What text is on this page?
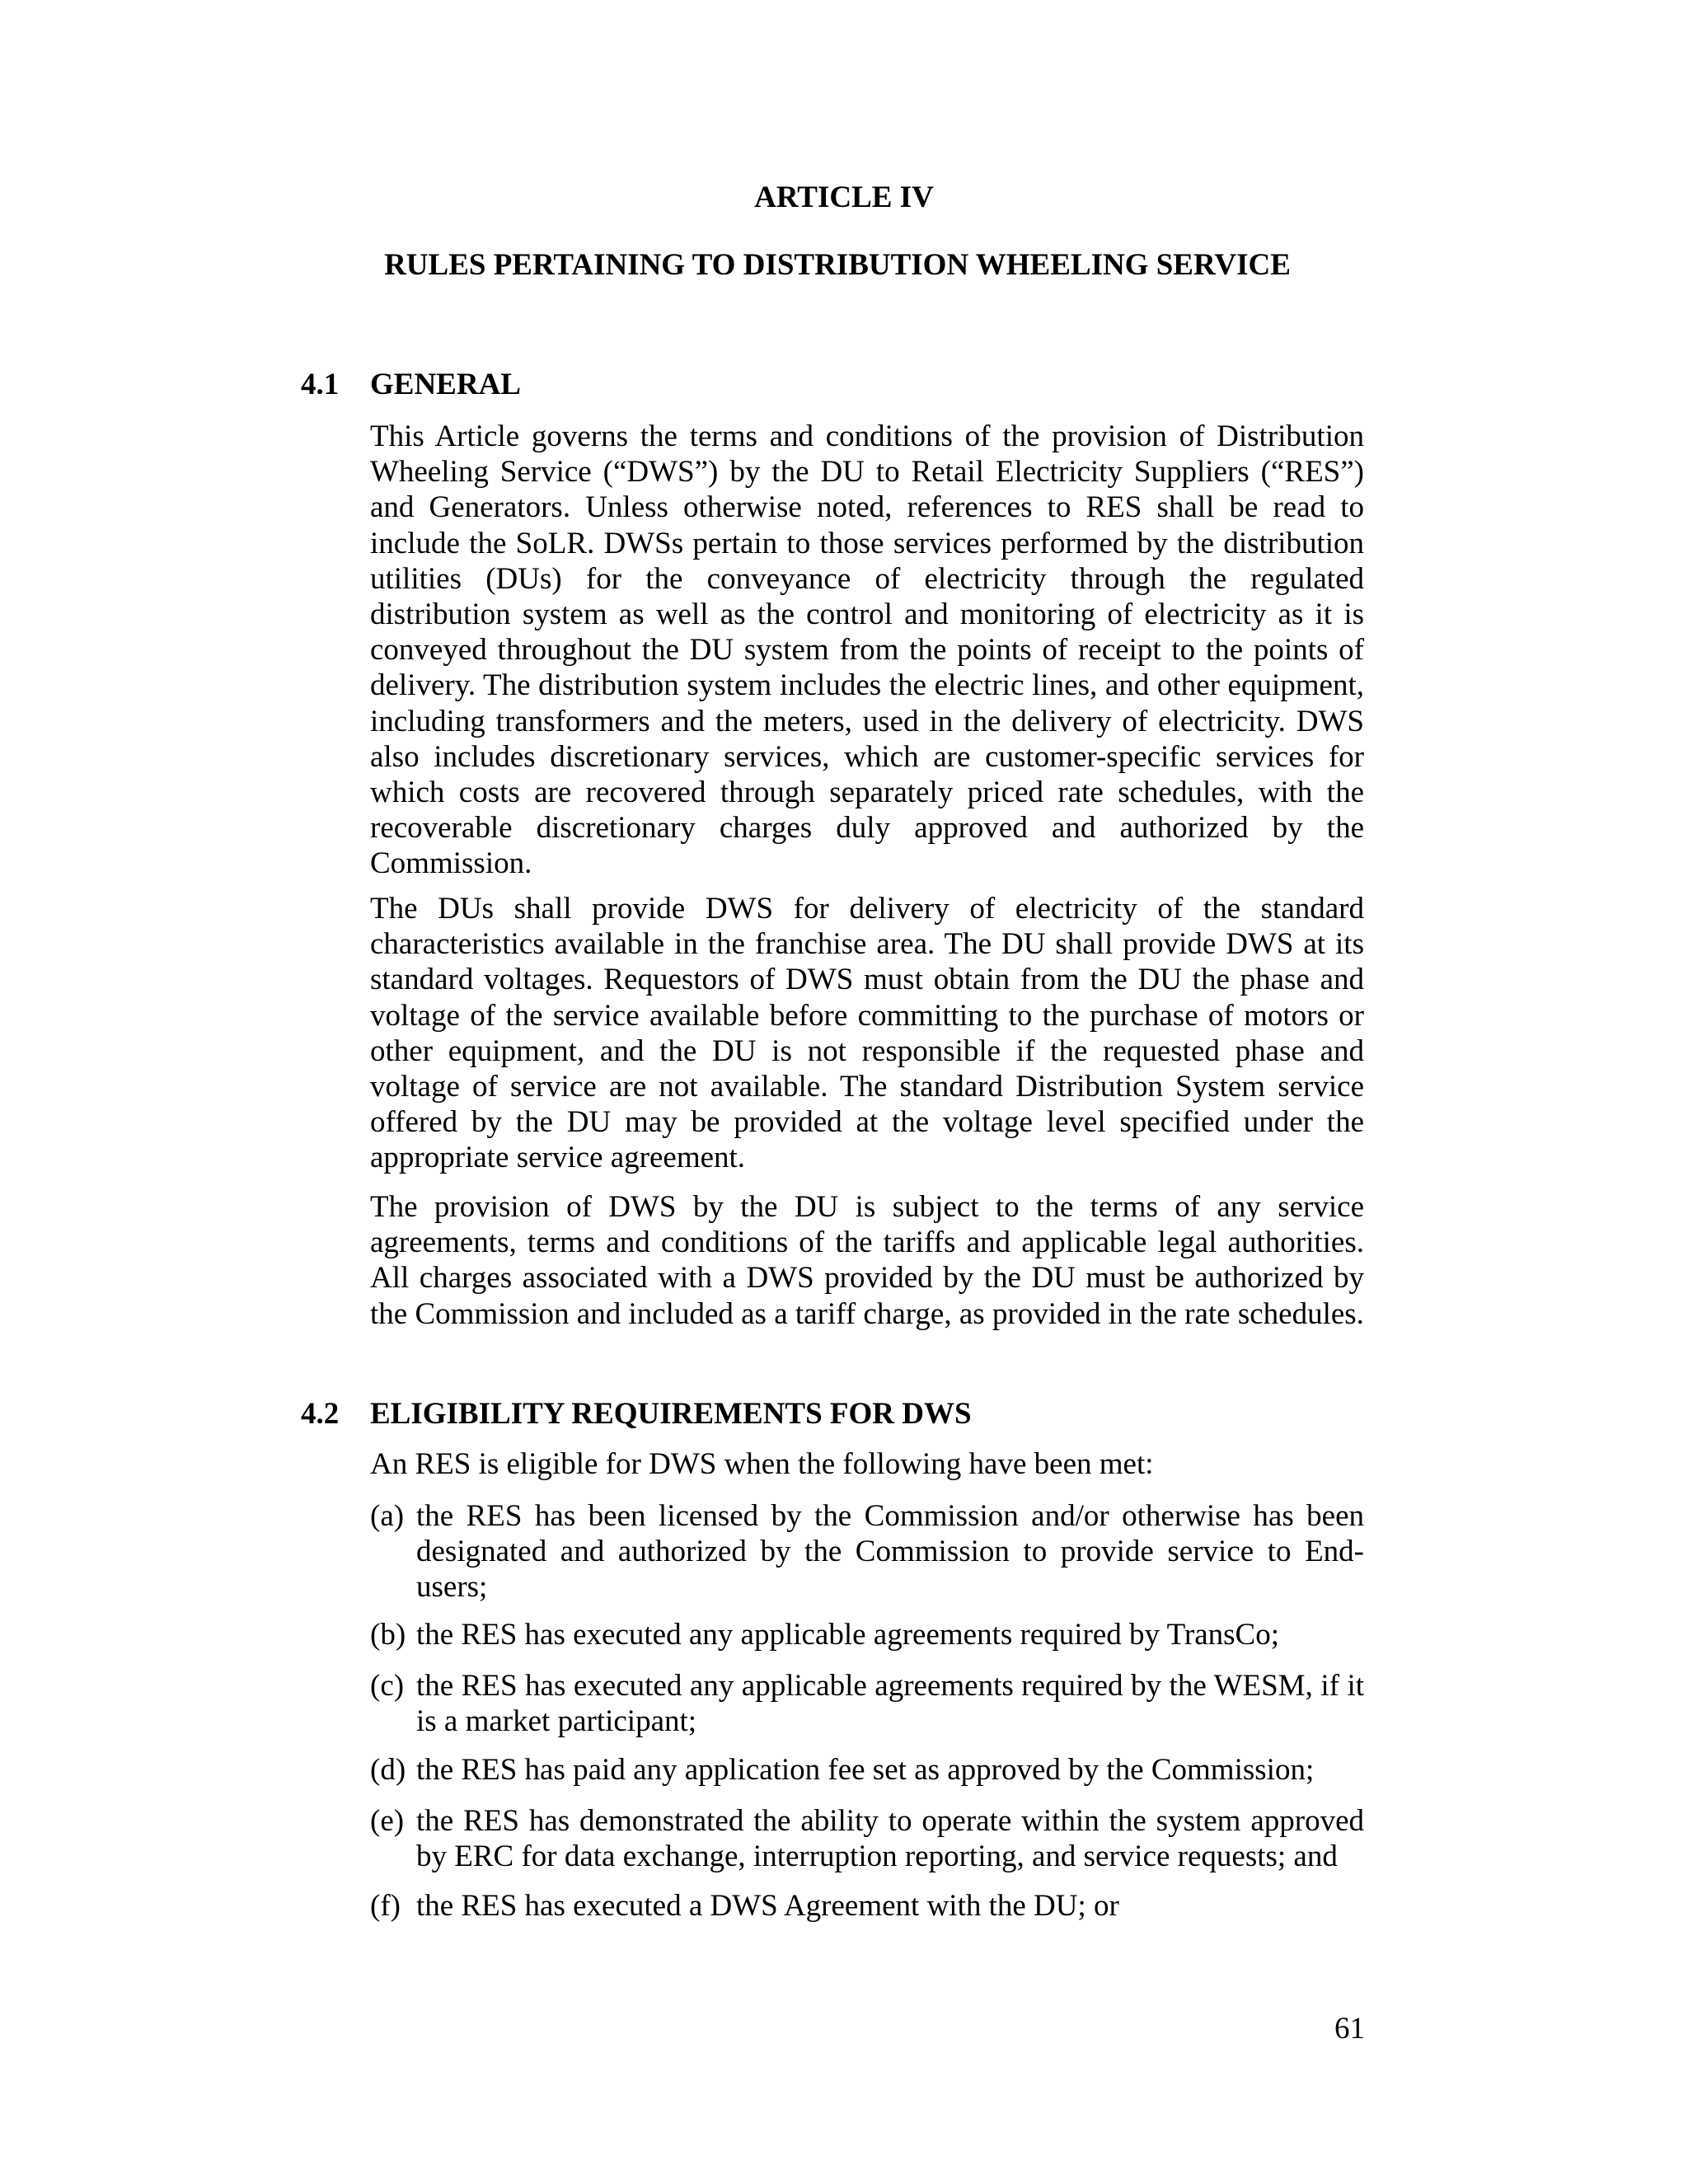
ARTICLE IV
RULES PERTAINING TO DISTRIBUTION WHEELING SERVICE
4.1 GENERAL

This Article governs the terms and conditions of the provision of Distribution Wheeling Service (“DWS”) by the DU to Retail Electricity Suppliers (“RES”) and Generators. Unless otherwise noted, references to RES shall be read to include the SoLR. DWSs pertain to those services performed by the distribution utilities (DUs) for the conveyance of electricity through the regulated distribution system as well as the control and monitoring of electricity as it is conveyed throughout the DU system from the points of receipt to the points of delivery. The distribution system includes the electric lines, and other equipment, including transformers and the meters, used in the delivery of electricity. DWS also includes discretionary services, which are customer-specific services for which costs are recovered through separately priced rate schedules, with the recoverable discretionary charges duly approved and authorized by the Commission.

The DUs shall provide DWS for delivery of electricity of the standard characteristics available in the franchise area. The DU shall provide DWS at its standard voltages. Requestors of DWS must obtain from the DU the phase and voltage of the service available before committing to the purchase of motors or other equipment, and the DU is not responsible if the requested phase and voltage of service are not available. The standard Distribution System service offered by the DU may be provided at the voltage level specified under the appropriate service agreement.

The provision of DWS by the DU is subject to the terms of any service agreements, terms and conditions of the tariffs and applicable legal authorities. All charges associated with a DWS provided by the DU must be authorized by the Commission and included as a tariff charge, as provided in the rate schedules.

4.2 ELIGIBILITY REQUIREMENTS FOR DWS

An RES is eligible for DWS when the following have been met:

(a) the RES has been licensed by the Commission and/or otherwise has been designated and authorized by the Commission to provide service to End-users;
(b) the RES has executed any applicable agreements required by TransCo;
(c) the RES has executed any applicable agreements required by the WESM, if it is a market participant;
(d) the RES has paid any application fee set as approved by the Commission;
(e) the RES has demonstrated the ability to operate within the system approved by ERC for data exchange, interruption reporting, and service requests; and
(f) the RES has executed a DWS Agreement with the DU; or
61
